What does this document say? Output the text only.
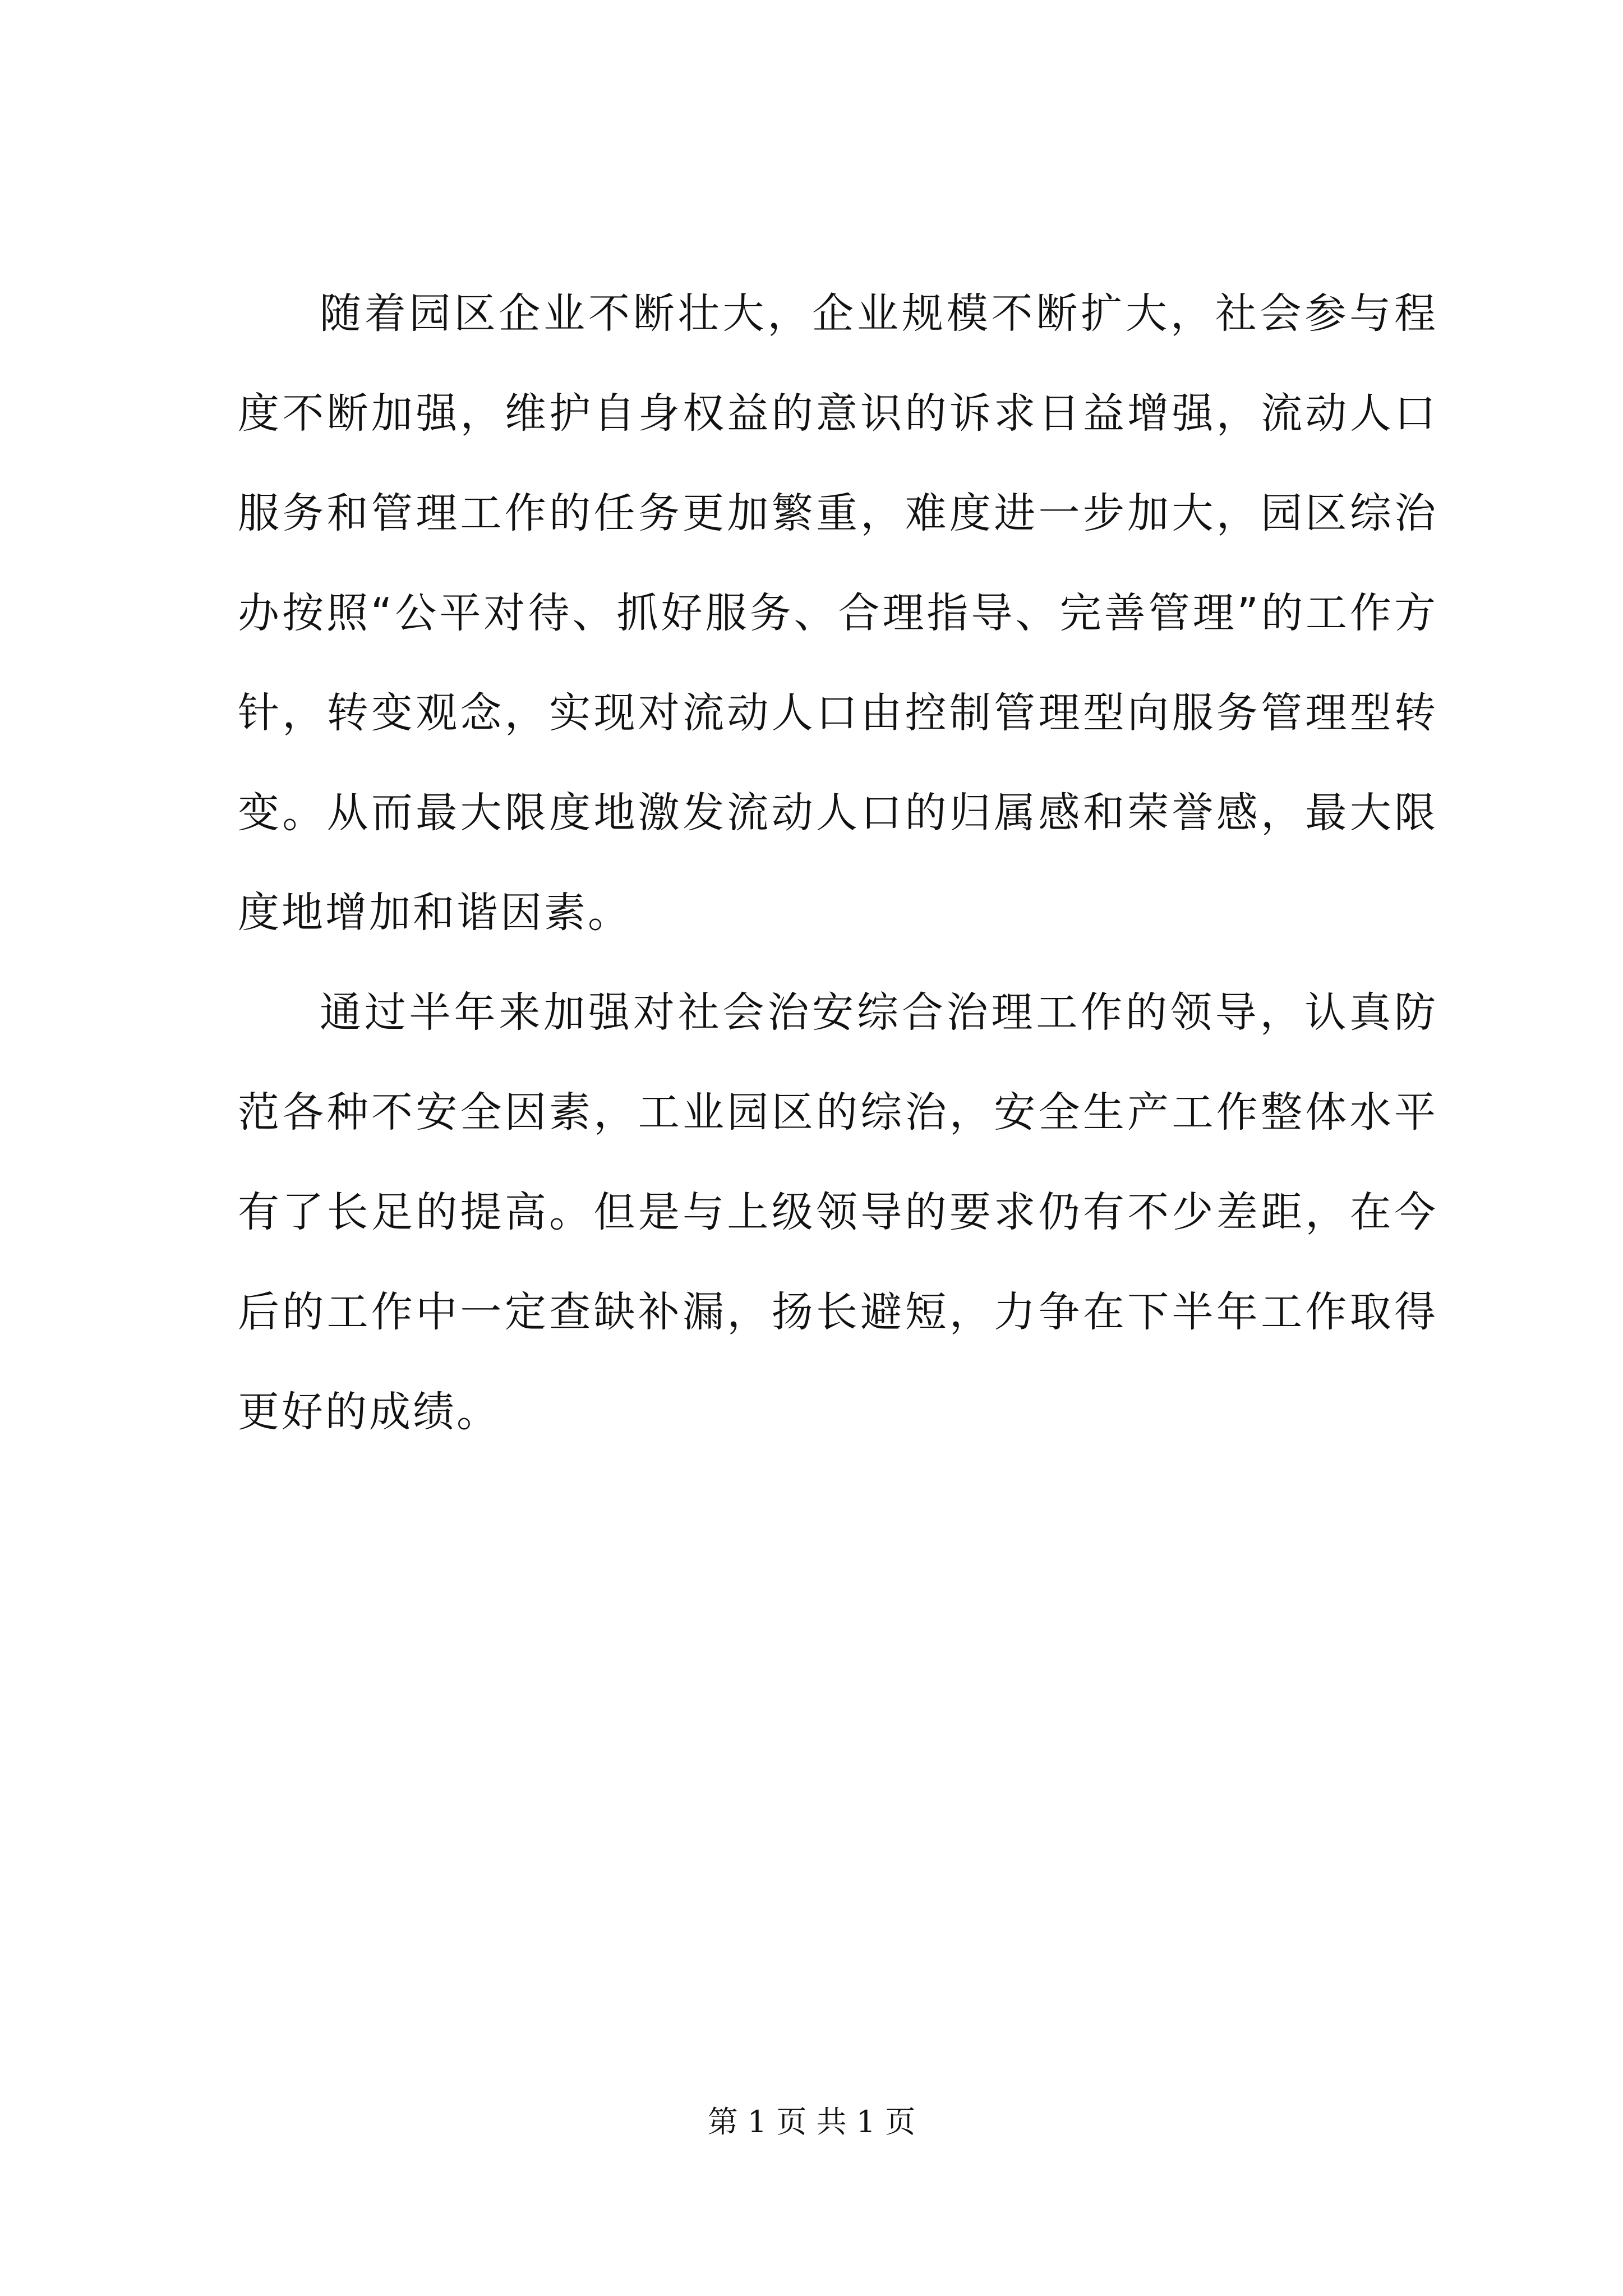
随着园区企业不断壮大，企业规模不断扩大，社会参与程度不断加强，维护自身权益的意识的诉求日益增强，流动人口服务和管理工作的任务更加繁重，难度进一步加大，园区综治办按照“公平对待、抓好服务、合理指导、完善管理”的工作方针，转变观念，实现对流动人口由控制管理型向服务管理型转变。从而最大限度地激发流动人口的归属感和荣誉感，最大限度地增加和谐因素。

通过半年来加强对社会治安综合治理工作的领导，认真防范各种不安全因素，工业园区的综治，安全生产工作整体水平有了长足的提高。但是与上级领导的要求仍有不少差距，在今后的工作中一定查缺补漏，扬长避短，力争在下半年工作取得更好的成绩。

第 1 页 共 1 页
